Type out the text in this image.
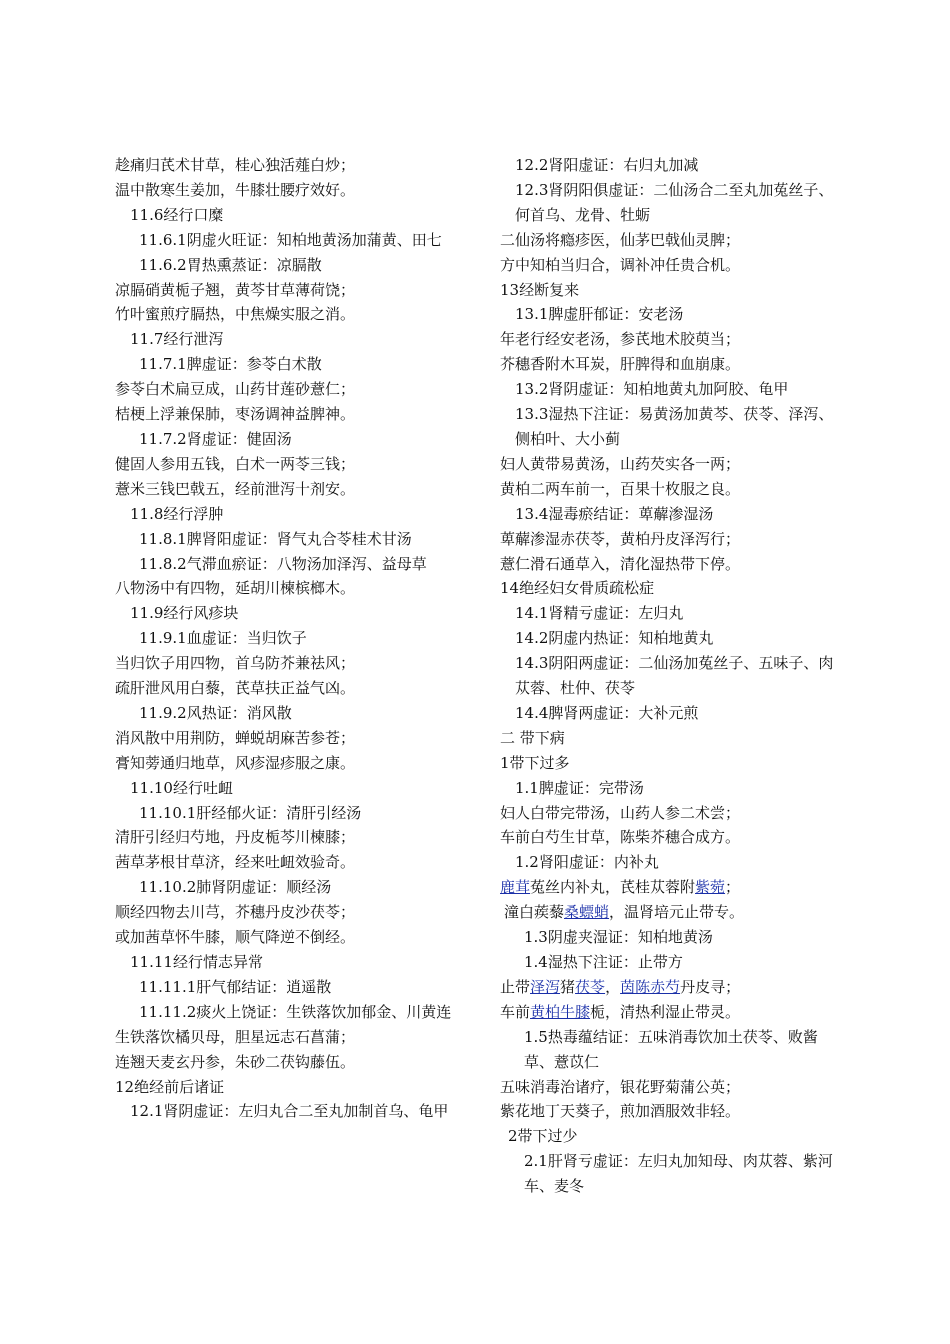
趁痛归芪术甘草，桂心独活薤白炒；
温中散寒生姜加，牛膝壮腰疗效好。
11.6经行口糜
11.6.1阴虚火旺证：知柏地黄汤加蒲黄、田七
11.6.2胃热熏蒸证：凉膈散
凉膈硝黄栀子翘，黄芩甘草薄荷饶；
竹叶蜜煎疗膈热，中焦燥实服之消。
11.7经行泄泻
11.7.1脾虚证：参苓白术散
参苓白术扁豆成，山药甘莲砂薏仁；
桔梗上浮兼保肺，枣汤调神益脾神。
11.7.2肾虚证：健固汤
健固人参用五钱，白术一两苓三钱；
薏米三钱巴戟五，经前泄泻十剂安。
11.8经行浮肿
11.8.1脾肾阳虚证：肾气丸合苓桂术甘汤
11.8.2气滞血瘀证：八物汤加泽泻、益母草
八物汤中有四物，延胡川楝槟榔木。
11.9经行风疹块
11.9.1血虚证：当归饮子
当归饮子用四物，首乌防芥兼祛风；
疏肝泄风用白藜，芪草扶正益气凶。
11.9.2风热证：消风散
消风散中用荆防，蝉蜕胡麻苦参苍；
膏知蒡通归地草，风疹湿疹服之康。
11.10经行吐衄
11.10.1肝经郁火证：清肝引经汤
清肝引经归芍地，丹皮栀芩川楝膝；
茜草茅根甘草济，经来吐衄效验奇。
11.10.2肺肾阴虚证：顺经汤
顺经四物去川芎，芥穗丹皮沙茯苓；
或加茜草怀牛膝，顺气降逆不倒经。
11.11经行情志异常
11.11.1肝气郁结证：逍遥散
11.11.2痰火上饶证：生铁落饮加郁金、川黄连
生铁落饮橘贝母，胆星远志石菖蒲；
连翘天麦玄丹参，朱砂二茯钩藤伍。
12绝经前后诸证
12.1肾阴虚证：左归丸合二至丸加制首乌、龟甲
12.2肾阳虚证：右归丸加减
12.3肾阴阳俱虚证：二仙汤合二至丸加菟丝子、何首乌、龙骨、牡蛎
二仙汤将瘾疹医，仙茅巴戟仙灵脾；
方中知柏当归合，调补冲任贵合机。
13经断复来
13.1脾虚肝郁证：安老汤
年老行经安老汤，参芪地术胶萸当；
芥穗香附木耳炭，肝脾得和血崩康。
13.2肾阴虚证：知柏地黄丸加阿胶、龟甲
13.3湿热下注证：易黄汤加黄芩、茯苓、泽泻、侧柏叶、大小蓟
妇人黄带易黄汤，山药芡实各一两；
黄柏二两车前一，百果十枚服之良。
13.4湿毒瘀结证：萆薢渗湿汤
萆薢渗湿赤茯苓，黄柏丹皮泽泻行；
薏仁滑石通草入，清化湿热带下停。
14绝经妇女骨质疏松症
14.1肾精亏虚证：左归丸
14.2阴虚内热证：知柏地黄丸
14.3阴阳两虚证：二仙汤加菟丝子、五味子、肉苁蓉、杜仲、茯苓
14.4脾肾两虚证：大补元煎
二 带下病
1带下过多
1.1脾虚证：完带汤
妇人白带完带汤，山药人参二术尝；
车前白芍生甘草，陈柴芥穗合成方。
1.2肾阳虚证：内补丸
鹿茸菟丝内补丸，芪桂苁蓉附紫菀；
潼白蒺藜桑螵蛸，温肾培元止带专。
1.3阴虚夹湿证：知柏地黄汤
1.4湿热下注证：止带方
止带泽泻猪茯苓，茵陈赤芍丹皮寻；
车前黄柏牛膝栀，清热利湿止带灵。
1.5热毒蕴结证：五味消毒饮加土茯苓、败酱草、薏苡仁
五味消毒治诸疗，银花野菊蒲公英；
紫花地丁天葵子，煎加酒服效非轻。
2带下过少
2.1肝肾亏虚证：左归丸加知母、肉苁蓉、紫河车、麦冬
